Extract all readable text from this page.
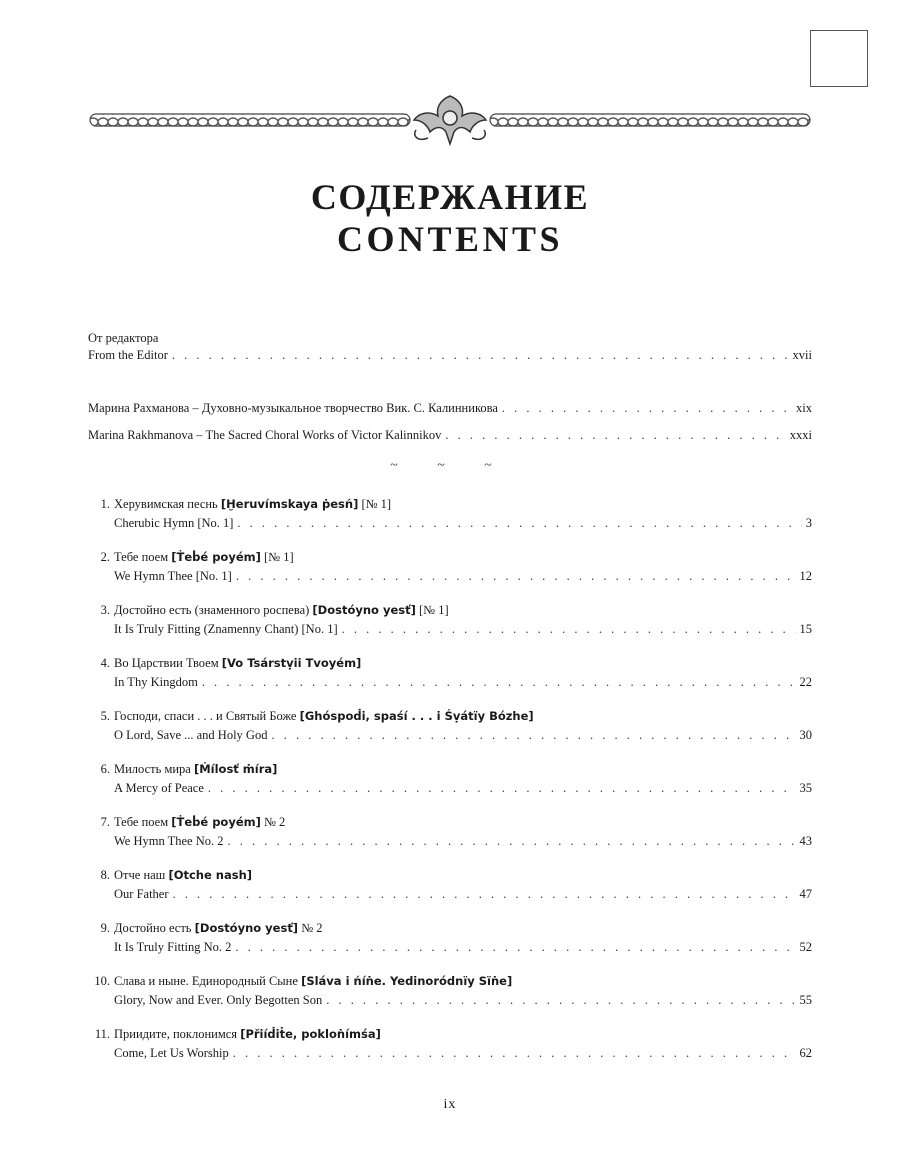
СОДЕРЖАНИЕ
CONTENTS
От редактора
From the Editor . . .	xvii
Марина Рахманова – Духовно-музыкальное творчество Вик. С. Калинникова . . .	xix
Marina Rakhmanova – The Sacred Choral Works of Victor Kalinnikov . . .	xxxi
~ ~ ~
1. Херувимская песнь [Ḫeruvímskaya ṗesń] [№ 1]
Cherubic Hymn [No. 1] . . .	3
2. Тебе поем [Ṫeḃé poyém] [№ 1]
We Hymn Thee [No. 1] . . .	12
3. Достойно есть (знаменного роспева) [Dostóyno yesť] [№ 1]
It Is Truly Fitting (Znamenny Chant) [No. 1] . . .	15
4. Во Царствии Твоем [Vo Tsárstṿii Tvoyém]
In Thy Kingdom . . .	22
5. Господи, спаси . . . и Святый Боже [Ghóspoḋi, spaśí . . . i Śṿátïy Bózhe]
O Lord, Save ... and Holy God . . .	30
6. Милость мира [Ṁílosť ṁíra]
A Mercy of Peace . . .	35
7. Тебе поем [Ṫeḃé poyém] № 2
We Hymn Thee No. 2 . . .	43
8. Отче наш [Otche nash]
Our Father . . .	47
9. Достойно есть [Dostóyno yesť] № 2
It Is Truly Fitting No. 2 . . .	52
10. Слава и ныне. Единородный Сыне [Sláva i ńíṅe. Yedinoródnïy Sïṅe]
Glory, Now and Ever. Only Begotten Son . . .	55
11. Приидите, поклонимся [Přiíḋiṫe, pokloṅímśa]
Come, Let Us Worship . . .	62
ix
